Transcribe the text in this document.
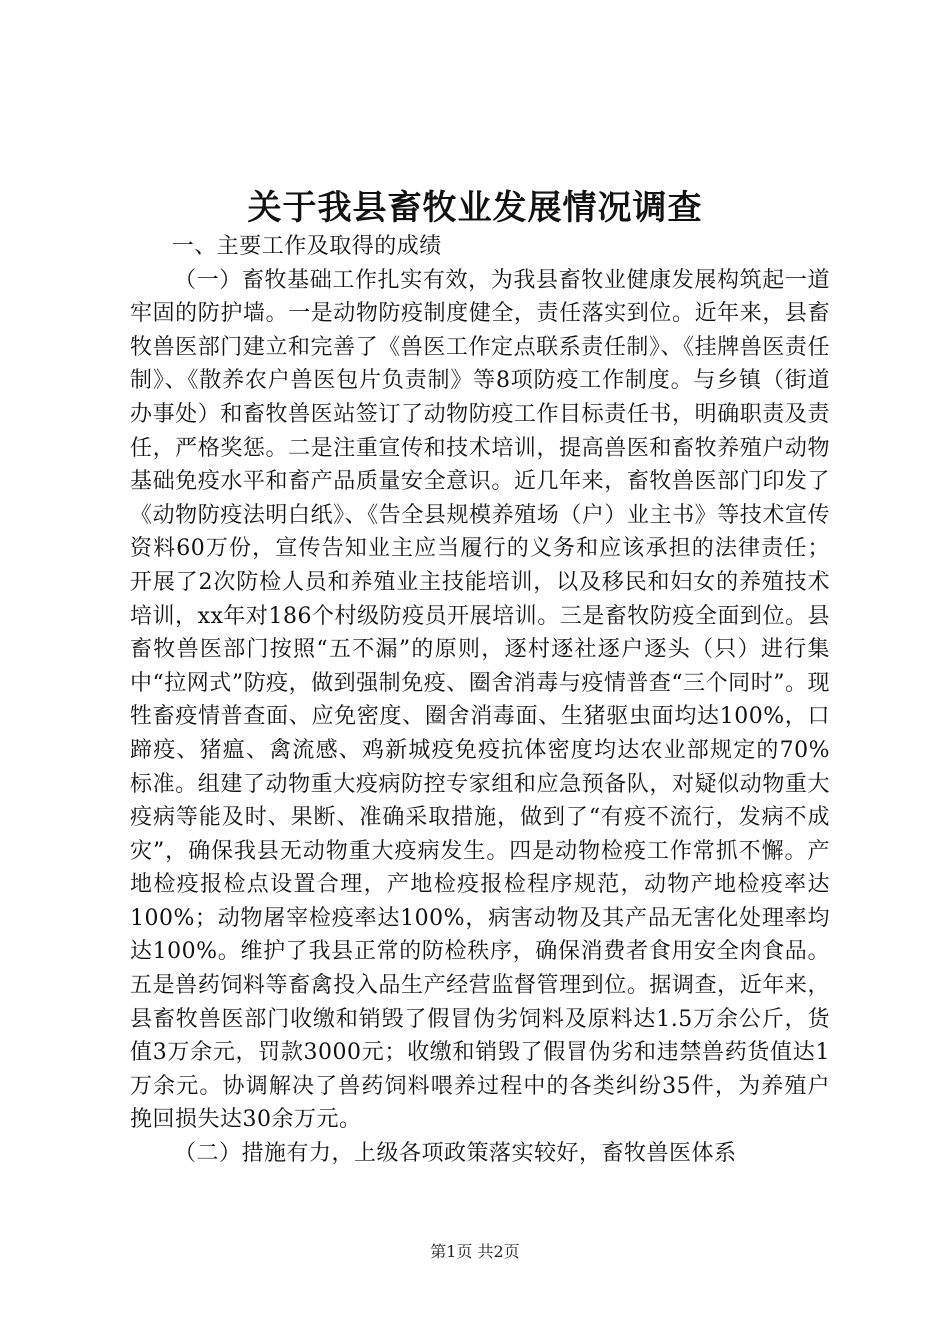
关于我县畜牧业发展情况调查

一、主要工作及取得的成绩

（一）畜牧基础工作扎实有效，为我县畜牧业健康发展构筑起一道牢固的防护墙。一是动物防疫制度健全，责任落实到位。近年来，县畜牧兽医部门建立和完善了《兽医工作定点联系责任制》、《挂牌兽医责任制》、《散养农户兽医包片负责制》等8项防疫工作制度。与乡镇（街道办事处）和畜牧兽医站签订了动物防疫工作目标责任书，明确职责及责任，严格奖惩。二是注重宣传和技术培训，提高兽医和畜牧养殖户动物基础免疫水平和畜产品质量安全意识。近几年来，畜牧兽医部门印发了《动物防疫法明白纸》、《告全县规模养殖场（户）业主书》等技术宣传资料60万份，宣传告知业主应当履行的义务和应该承担的法律责任；开展了2次防检人员和养殖业主技能培训，以及移民和妇女的养殖技术培训，xx年对186个村级防疫员开展培训。三是畜牧防疫全面到位。县畜牧兽医部门按照“五不漏”的原则，逐村逐社逐户逐头（只）进行集中“拉网式”防疫，做到强制免疫、圈舍消毒与疫情普查“三个同时”。现牲畜疫情普查面、应免密度、圈舍消毒面、生猪驱虫面均达100%，口蹄疫、猪瘟、禽流感、鸡新城疫免疫抗体密度均达农业部规定的70%标准。组建了动物重大疫病防控专家组和应急预备队，对疑似动物重大疫病等能及时、果断、准确采取措施，做到了“有疫不流行，发病不成灾”，确保我县无动物重大疫病发生。四是动物检疫工作常抓不懈。产地检疫报检点设置合理，产地检疫报检程序规范，动物产地检疫率达100%；动物屠宰检疫率达100%，病害动物及其产品无害化处理率均达100%。维护了我县正常的防检秩序，确保消费者食用安全肉食品。五是兽药饲料等畜禽投入品生产经营监督管理到位。据调查，近年来，县畜牧兽医部门收缴和销毁了假冒伪劣饲料及原料达1.5万余公斤，货值3万余元，罚款3000元；收缴和销毁了假冒伪劣和违禁兽药货值达1万余元。协调解决了兽药饲料喂养过程中的各类纠纷35件，为养殖户挽回损失达30余万元。

（二）措施有力，上级各项政策落实较好，畜牧兽医体系

第1页 共2页
